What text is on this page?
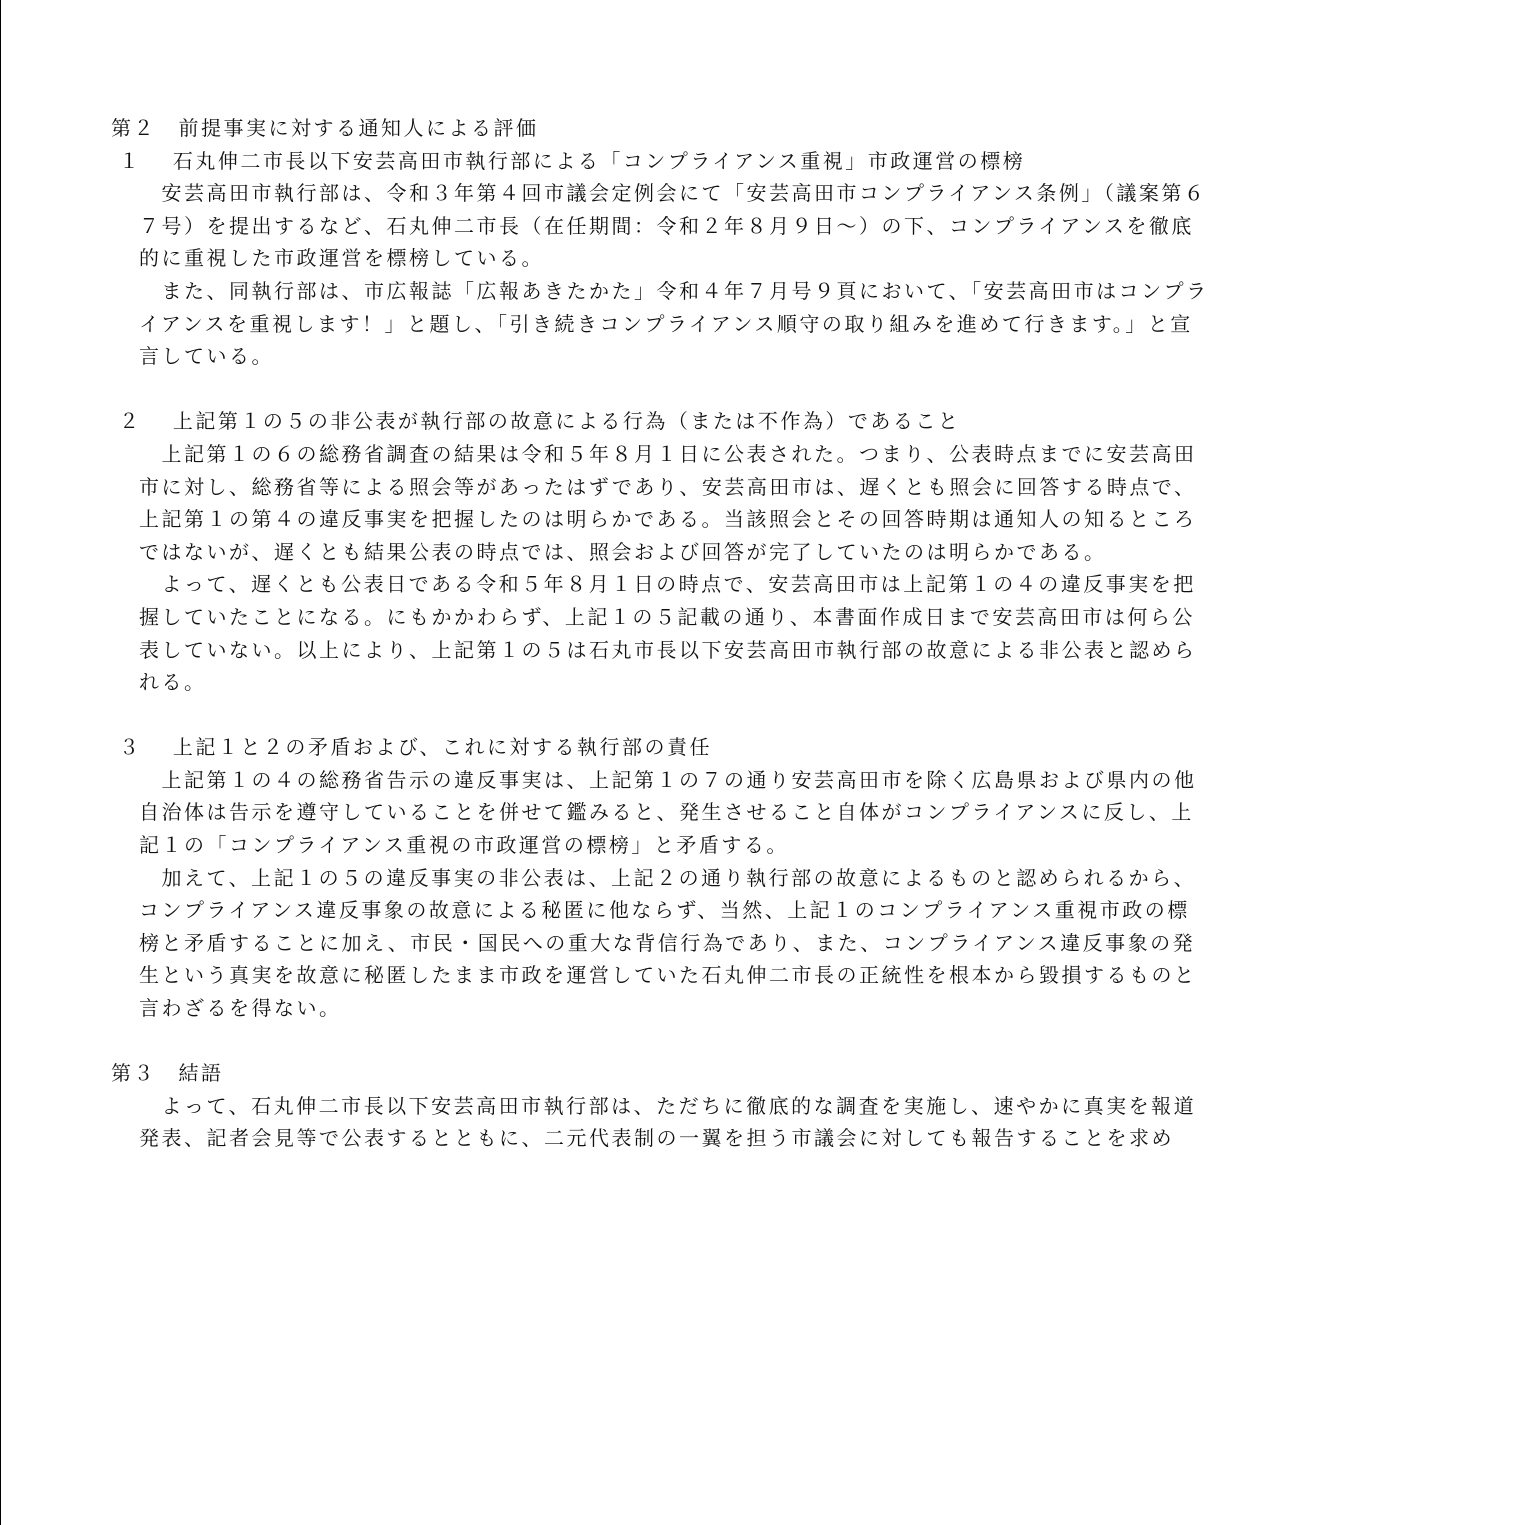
第２　前提事実に対する通知人による評価

１　 石丸伸二市長以下安芸高田市執行部による「コンプライアンス重視」市政運営の標榜

　安芸高田市執行部は、令和３年第４回市議会定例会にて「安芸高田市コンプライアンス条例」（議案第６
７号）を提出するなど、石丸伸二市長（在任期間：令和２年８月９日～）の下、コンプライアンスを徹底
的に重視した市政運営を標榜している。

　また、同執行部は、市広報誌「広報あきたかた」令和４年７月号９頁において、「安芸高田市はコンプラ
イアンスを重視します！」と題し、「引き続きコンプライアンス順守の取り組みを進めて行きます。」と宣
言している。

２　 上記第１の５の非公表が執行部の故意による行為（または不作為）であること

　上記第１の６の総務省調査の結果は令和５年８月１日に公表された。つまり、公表時点までに安芸高田
市に対し、総務省等による照会等があったはずであり、安芸高田市は、遅くとも照会に回答する時点で、
上記第１の第４の違反事実を把握したのは明らかである。当該照会とその回答時期は通知人の知るところ
ではないが、遅くとも結果公表の時点では、照会および回答が完了していたのは明らかである。

　よって、遅くとも公表日である令和５年８月１日の時点で、安芸高田市は上記第１の４の違反事実を把
握していたことになる。にもかかわらず、上記１の５記載の通り、本書面作成日まで安芸高田市は何ら公
表していない。以上により、上記第１の５は石丸市長以下安芸高田市執行部の故意による非公表と認めら
れる。

３　 上記１と２の矛盾および、これに対する執行部の責任

　上記第１の４の総務省告示の違反事実は、上記第１の７の通り安芸高田市を除く広島県および県内の他
自治体は告示を遵守していることを併せて鑑みると、発生させること自体がコンプライアンスに反し、上
記１の「コンプライアンス重視の市政運営の標榜」と矛盾する。

　加えて、上記１の５の違反事実の非公表は、上記２の通り執行部の故意によるものと認められるから、
コンプライアンス違反事象の故意による秘匿に他ならず、当然、上記１のコンプライアンス重視市政の標
榜と矛盾することに加え、市民・国民への重大な背信行為であり、また、コンプライアンス違反事象の発
生という真実を故意に秘匿したまま市政を運営していた石丸伸二市長の正統性を根本から毀損するものと
言わざるを得ない。

第３　結語

　よって、石丸伸二市長以下安芸高田市執行部は、ただちに徹底的な調査を実施し、速やかに真実を報道
発表、記者会見等で公表するとともに、二元代表制の一翼を担う市議会に対しても報告することを求め
